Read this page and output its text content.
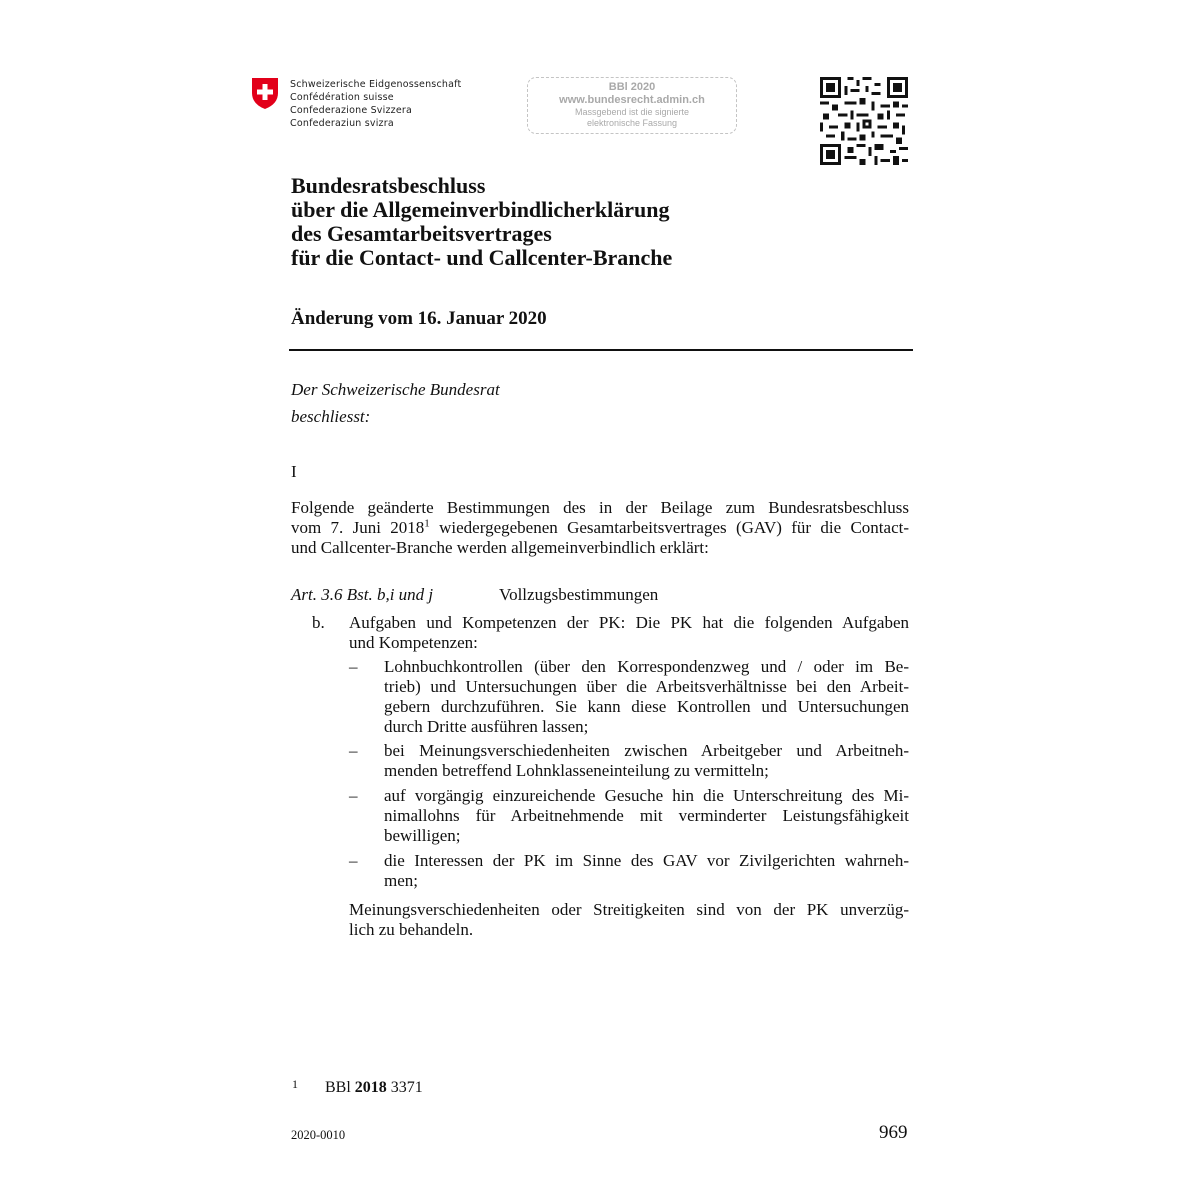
Schweizerische Eidgenossenschaft
Confédération suisse
Confederazione Svizzera
Confederaziun svizra
BBl 2020
www.bundesrecht.admin.ch
Massgebend ist die signierte
elektronische Fassung
Bundesratsbeschluss
über die Allgemeinverbindlicherklärung
des Gesamtarbeitsvertrages
für die Contact- und Callcenter-Branche
Änderung vom 16. Januar 2020
Der Schweizerische Bundesrat
beschliesst:
I
Folgende geänderte Bestimmungen des in der Beilage zum Bundesratsbeschluss
vom 7. Juni 2018$^1$ wiedergegebenen Gesamtarbeitsvertrages (GAV) für die Contact-
und Callcenter-Branche werden allgemeinverbindlich erklärt:
Art. 3.6 Bst. b,i und j	Vollzugsbestimmungen
b. Aufgaben und Kompetenzen der PK: Die PK hat die folgenden Aufgaben
und Kompetenzen:
– Lohnbuchkontrollen (über den Korrespondenzweg und / oder im Be-
trieb) und Untersuchungen über die Arbeitsverhältnisse bei den Arbeit-
gebern durchzuführen. Sie kann diese Kontrollen und Untersuchungen
durch Dritte ausführen lassen;
– bei Meinungsverschiedenheiten zwischen Arbeitgeber und Arbeitneh-
menden betreffend Lohnklasseneinteilung zu vermitteln;
– auf vorgängig einzureichende Gesuche hin die Unterschreitung des Mi-
nimallohns für Arbeitnehmende mit verminderter Leistungsfähigkeit
bewilligen;
– die Interessen der PK im Sinne des GAV vor Zivilgerichten wahrneh-
men;
Meinungsverschiedenheiten oder Streitigkeiten sind von der PK unverzüg-
lich zu behandeln.
1 BBl 2018 3371
2020-0010	969
